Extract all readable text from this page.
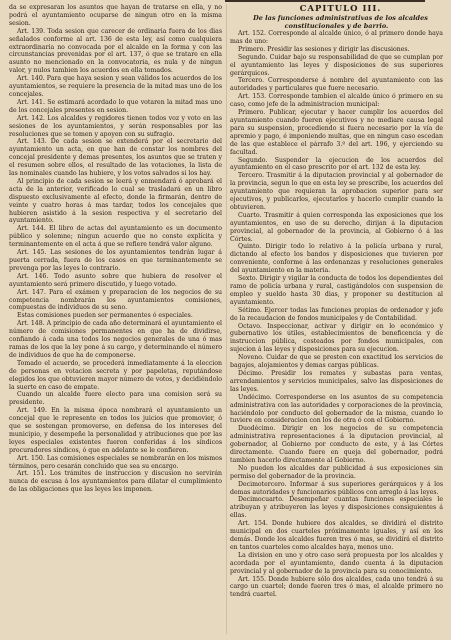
da se expresaran los asuntos que hayan de tratarse en ella, y no podrá el ayuntamiento ocuparse de ningun otro en la misma sesion.

Art. 139. Toda sesion que carecer de ordinaria fuera de los dias señalados conforme al art. 136 de esta ley, así como cualquiera extraordinaria no convocada por el alcalde en la forma y con las circunstancias prevenidas por el art. 137, ó que se tratare en ella asunto no mencionado en la convocatoria, es nula y de ningun valor, y nulos tambien los acuerdos en ella tomados.

Art. 140. Para que haya sesion y sean válidos los acuerdos de los ayuntamientos, se requiere la presencia de la mitad mas uno de los concejales.

Art. 141. Se estimará acordado lo que votaren la mitad mas uno de los concejales presentes en sesion.

Art. 142. Los alcaldes y regidores tienen todos voz y voto en las sesiones de los ayuntamientos, y serán responsables por las resoluciones que se tomen y apoyen con su sufragio.

Art. 143. De cada sesion se extenderá por el secretario del ayuntamiento un acta, en que han de constar los nombres del concejal presidente y demas presentes, los asuntos que se traten y el resumen sobre ellos, el resultado de las votaciones, la lista de las nominales cuando las hubiere, y los votos salvados si los hay.

Al principio de cada sesion se leerá y enmendará ó aprobará el acta de la anterior, verificado lo cual se trasladará en un libro dispuesto exclusivamente al efecto, donde la firmarán, dentro de veinte y cuatro horas á mas tardar, todos los concejales que hubieren asistido á la sesion respectiva y el secretario del ayuntamiento.

Art. 144. El libro de actas del ayuntamiento es un documento público y solemne; ningun acuerdo que no conste explícita y terminantemente en el acta á que se refiere tendrá valor alguno.

Art. 145. Las sesiones de los ayuntamientos tendrán lugar á puerta cerrada, fuera de los casos en que terminantemente se prevenga por las leyes lo contrario.

Art. 146. Todo asunto sobre que hubiera de resolver el ayuntamiento será primero discutido, y luego votado.

Art. 147. Para el exámen y preparacion de los negocios de su competencia nombrarán los ayuntamientos comisiones, compuestas de individuos de su seno.

Estas comisiones pueden ser permanentes ó especiales.

Art. 148. A principio de cada año determinará el ayuntamiento el número de comisiones permanentes en que ha de dividirse, confiando á cada una todos los negocios generales de una ó mas ramas de los que la ley pone á su cargo, y determinando el número de individuos de que ha de componerse.

Tomado el acuerdo, se procederá inmediatamente á la eleccion de personas en votacion secreta y por papeletas, reputándose elegidos los que obtuvieren mayor número de votos, y decidiéndolo la suerte en caso de empate.

Cuando un alcalde fuere electo para una comision será su presidente.

Art. 149. En la misma época nombrará el ayuntamiento un concejal que le represente en todos los juicios que promovier, ó que se sostengan promoverse, en defensa de los intereses del municipio, y desempeñe la personalidad y atribuciones que por las leyes especiales existentes fueron conferidas á los síndicos procuradores síndicos, ó que en adelante se le confieren.

Art. 150. Las comisiones especiales se nombrarán en los mismos términos, pero cesarán concluido que sea su encargo.

Art. 151. Los trámites de instruccion y discusion no servirán nunca de escusa á los ayuntamientos para dilatar el cumplimiento de las obligaciones que las leyes les imponen.

CAPÍTULO III.

De las funciones administrativas de los alcaldes constitucionales y de barrio.

Art. 152. Corresponde al alcalde único, ó al primero donde haya mas de uno:

Primero. Presidir las sesiones y dirigir las discusiones.

Segundo. Cuidar bajo su responsabilidad de que se cumplan por el ayuntamiento las leyes y disposiciones de sus superiores gerárquicos.

Tercero. Corresponderse á nombre del ayuntamiento con las autoridades y particulares que fuere necesario.

Art. 153. Corresponde tambien el alcalde único ó primero en su caso, como jefe de la administracion municipal:

Primero. Publicar, ejecutar y hacer cumplir los acuerdos del ayuntamiento cuando fueren ejecutivos y no mediare causa legal para su suspension, procediendo si fuera necesario por la vía de apremio y pago, é imponiendo multas, que en ningun caso escedan de las que establece el párrafo 3.º del art. 196, y ejerciendo su facultad.

Segundo. Suspender la ejecucion de los acuerdos del ayuntamiento en el caso prescrito por el art. 132 de esta ley.

Tercero. Trasmitir á la diputacion provincial y al gobernador de la provincia, segun lo que en esta ley se prescribe, los acuerdos del ayuntamiento que requieran la aprobacion superior para ser ejecutivos, y publicarlos, ejecutarlos y hacerlo cumplir cuando la obtuvieren.

Cuarto. Trasmitir á quien corresponda las exposiciones que los ayuntamientos, en uso de su derecho, dirijan á la diputacion provincial, al gobernador de la provincia, al Gobierno ó á las Córtes.

Quinto. Dirigir todo lo relativo á la policía urbana y rural, dictando al efecto los bandos y disposiciones que tuvieren por conveniente, conforme á las ordenanzas y resoluciones generales del ayuntamiento en la materia.

Sexto. Dirigir y vigilar la conducta de todos los dependientes del ramo de policía urbana y rural, castigándolos con suspension de empleo y sueldo hasta 30 dias, y proponer su destitucion al ayuntamiento.

Sétimo. Ejercer todas las funciones propias de ordenador y jefe de la recaudacion de fondos municipales y de Contabilidad.

Octavo. Inspeccionar, activar y dirigir en lo económico y gubernativo los útiles, establecimientos de beneficencia y de instruccion pública, costeados por fondos municipales, con sujecion á las leyes y disposiciones para su ejecucion.

Noveno. Cuidar de que se presten con exactitud los servicios de bagajes, alojamientos y demas cargas públicas.

Décimo. Presidir los remates y subastas para ventas, arrendamientos y servicios municipales, salvo las disposiciones de las leyes.

Undécimo. Corresponderse en los asuntos de su competencia administrativa con las autoridades y corporaciones de la provincia, haciéndolo por conducto del gobernador de la misma, cuando lo tuviere en consideracion con los de otra ó con el Gobierno.

Duodécimo. Dirigir en los negocios de su competencia administrativa representaciones á la diputacion provincial, al gobernador, al Gobierno por conducto de este, y á las Córtes directamente. Cuando fuere en queja del gobernador, podrá tambien hacerlo directamente al Gobierno.

No pueden los alcaldes dar publicidad á sus exposiciones sin permiso del gobernador de la provincia.

Decimotercero. Informar á sus superiores gerárquicos y á los demas autoridades y funcionarios públicos con arreglo á las leyes.

Decimocuarto. Desempeñar cuantas funciones especiales le atribuyan y atribuyeren las leyes y disposiciones consiguientes á ellas.

Art. 154. Donde hubiere dos alcaldes, se dividirá el distrito municipal en dos cuarteles próximamente iguales, y así en los demás. Donde los alcaldes fueren tres ó mas, se dividirá el distrito en tantos cuarteles como alcaldes haya, menos uno.

La division en uno y otro caso será propuesta por los alcaldes y acordada por el ayuntamiento, dando cuenta á la diputacion provincial y al gobernador de la provincia para su conocimiento.

Art. 155. Donde hubiere sólo dos alcaldes, cada uno tendrá á su cargo un cuartel; donde fueren tres ó mas, el alcalde primero no tendrá cuartel.
